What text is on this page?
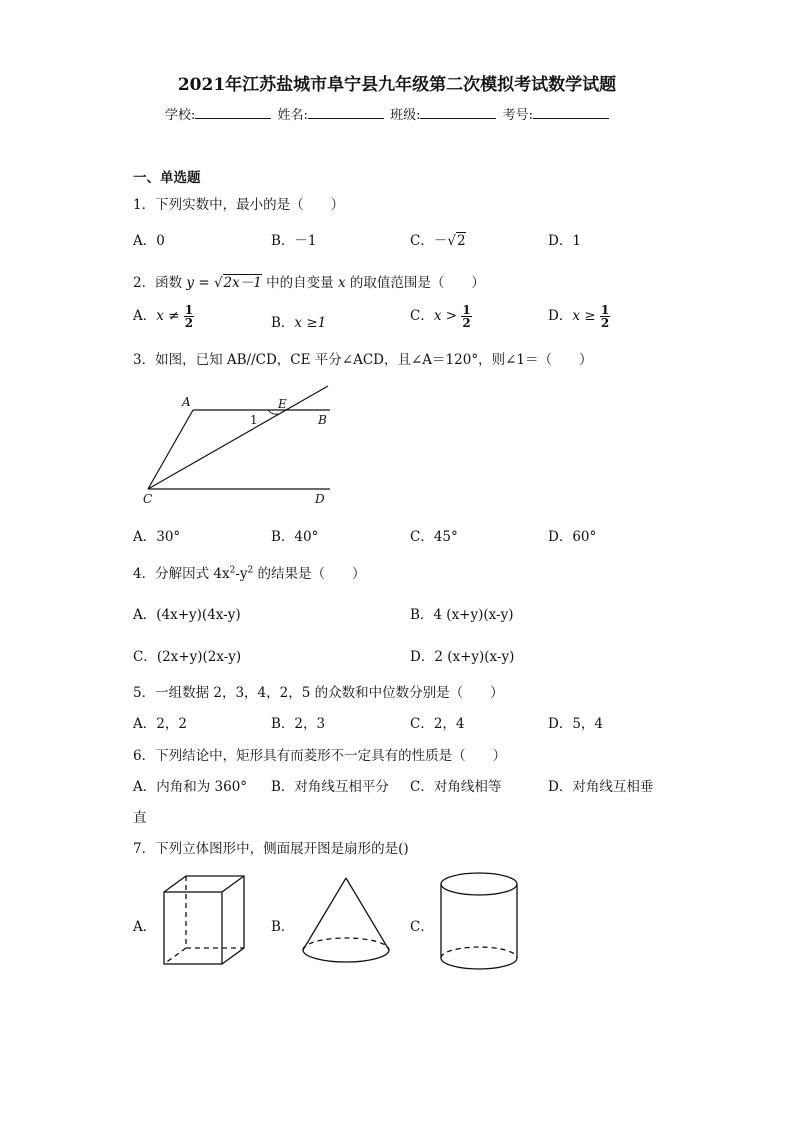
2021年江苏盐城市阜宁县九年级第二次模拟考试数学试题
学校:	姓名:	班级:	考号:
一、单选题
1．下列实数中，最小的是（　　）
A．0	B．－1	C．－√2	D．1
2．函数 y = √2x－1 中的自变量 x 的取值范围是（　　）
A．$x \ne \frac{1}{2}$	B．x ≥1	C．$x > \frac{1}{2}$	D．$x \ge \frac{1}{2}$
3．如图，已知 AB//CD，CE 平分∠ACD，且∠A＝120°，则∠1＝（　　）
A	E
B
C	D
1
A．30°	B．40°	C．45°	D．60°
4．分解因式 $4x^2-y^2$ 的结果是（　　）
A．(4x+y)(4x-y)	B．4 (x+y)(x-y)
C．(2x+y)(2x-y)	D．2 (x+y)(x-y)
5．一组数据 2，3，4，2，5 的众数和中位数分别是（　　）
A．2，2	B．2，3	C．2，4	D．5，4
6．下列结论中，矩形具有而菱形不一定具有的性质是（　　）
A．内角和为 360° B．对角线互相平分 C．对角线相等	D．对角线互相垂
直
7．下列立体图形中，侧面展开图是扇形的是()
A．	B．	C．
